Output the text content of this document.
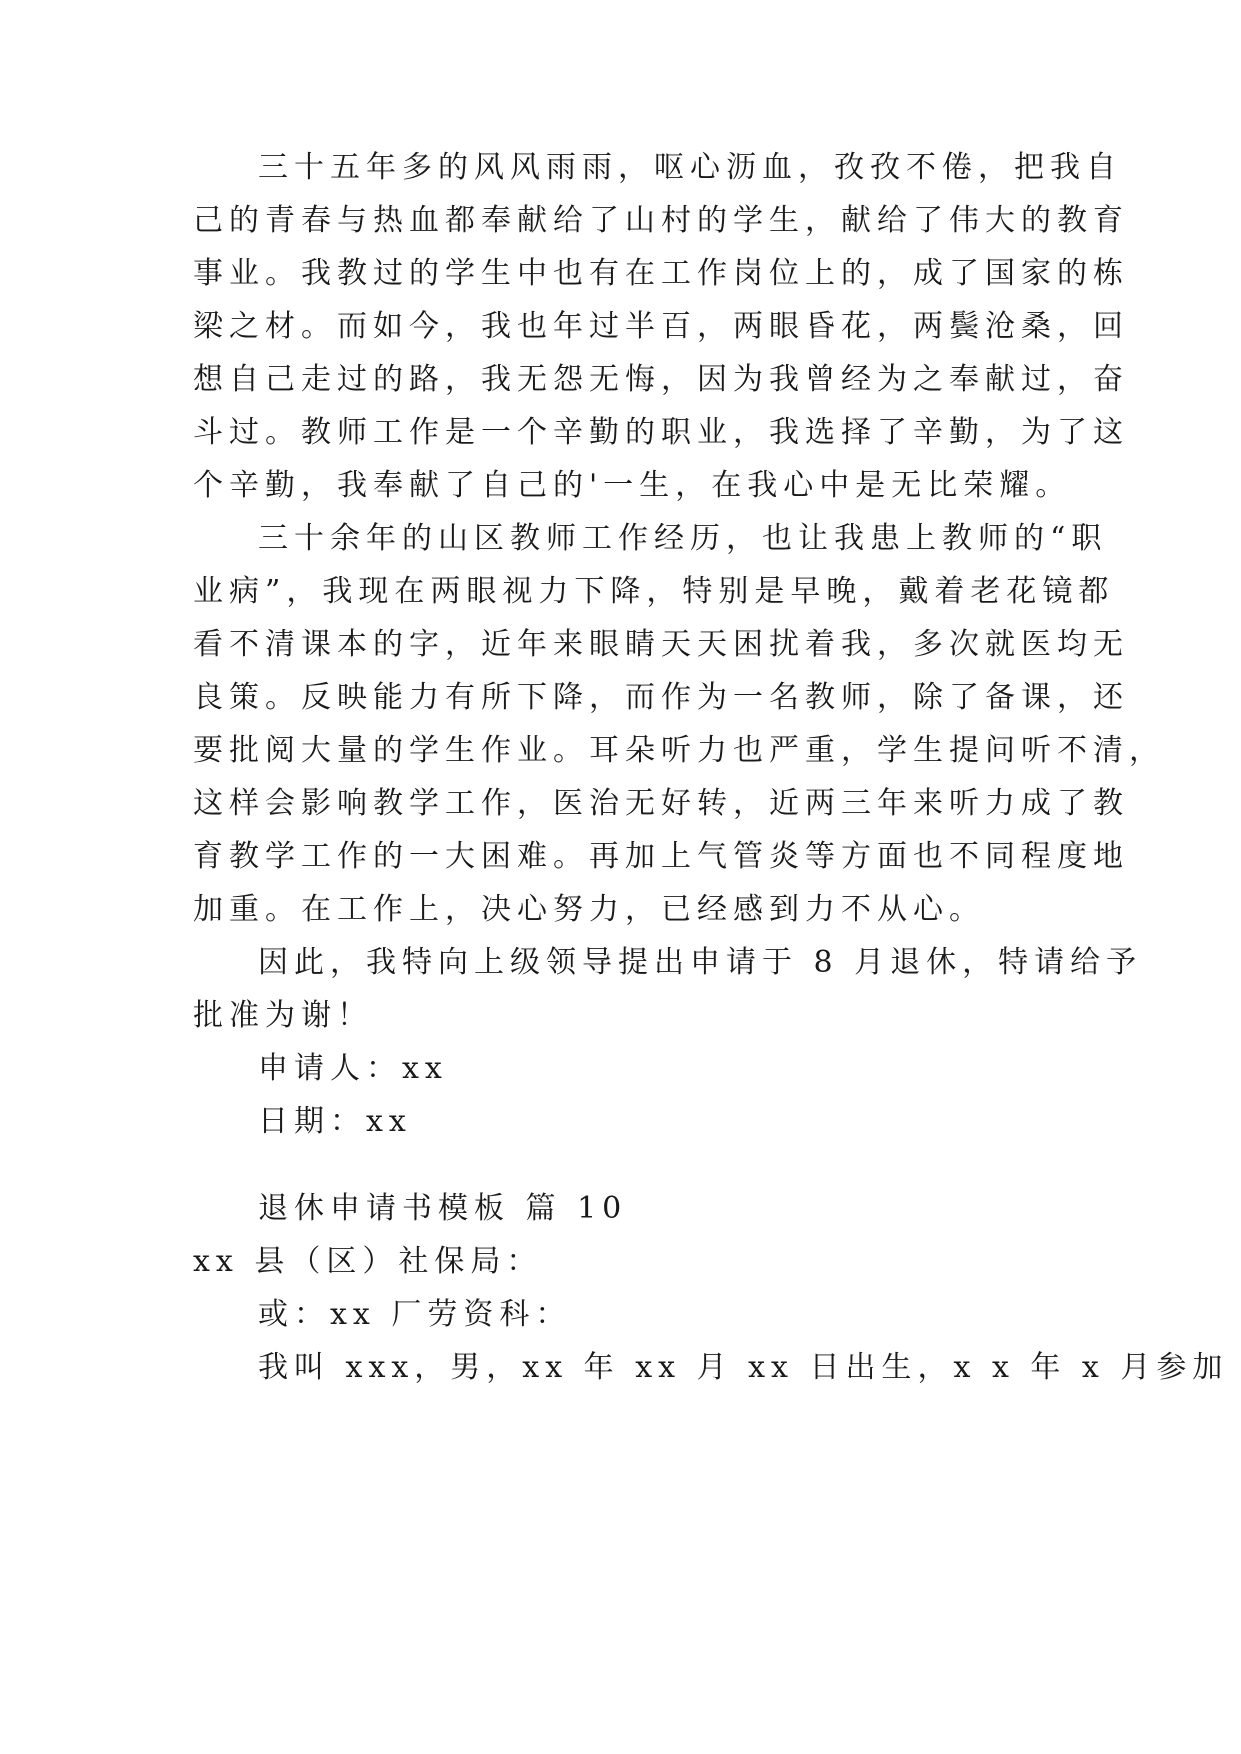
三十五年多的风风雨雨，呕心沥血，孜孜不倦，把我自
己的青春与热血都奉献给了山村的学生，献给了伟大的教育
事业。我教过的学生中也有在工作岗位上的，成了国家的栋
梁之材。而如今，我也年过半百，两眼昏花，两鬓沧桑，回
想自己走过的路，我无怨无悔，因为我曾经为之奉献过，奋
斗过。教师工作是一个辛勤的职业，我选择了辛勤，为了这
个辛勤，我奉献了自己的'一生，在我心中是无比荣耀。
三十余年的山区教师工作经历，也让我患上教师的“职
业病”，我现在两眼视力下降，特别是早晚，戴着老花镜都
看不清课本的字，近年来眼睛天天困扰着我，多次就医均无
良策。反映能力有所下降，而作为一名教师，除了备课，还
要批阅大量的学生作业。耳朵听力也严重，学生提问听不清，
这样会影响教学工作，医治无好转，近两三年来听力成了教
育教学工作的一大困难。再加上气管炎等方面也不同程度地
加重。在工作上，决心努力，已经感到力不从心。
因此，我特向上级领导提出申请于 8 月退休，特请给予
批准为谢！
申请人：xx
日期：xx
退休申请书模板 篇 10
xx 县（区）社保局：
或：xx 厂劳资科：
我叫 xxx，男，xx 年 xx 月 xx 日出生，x x 年 x 月参加
